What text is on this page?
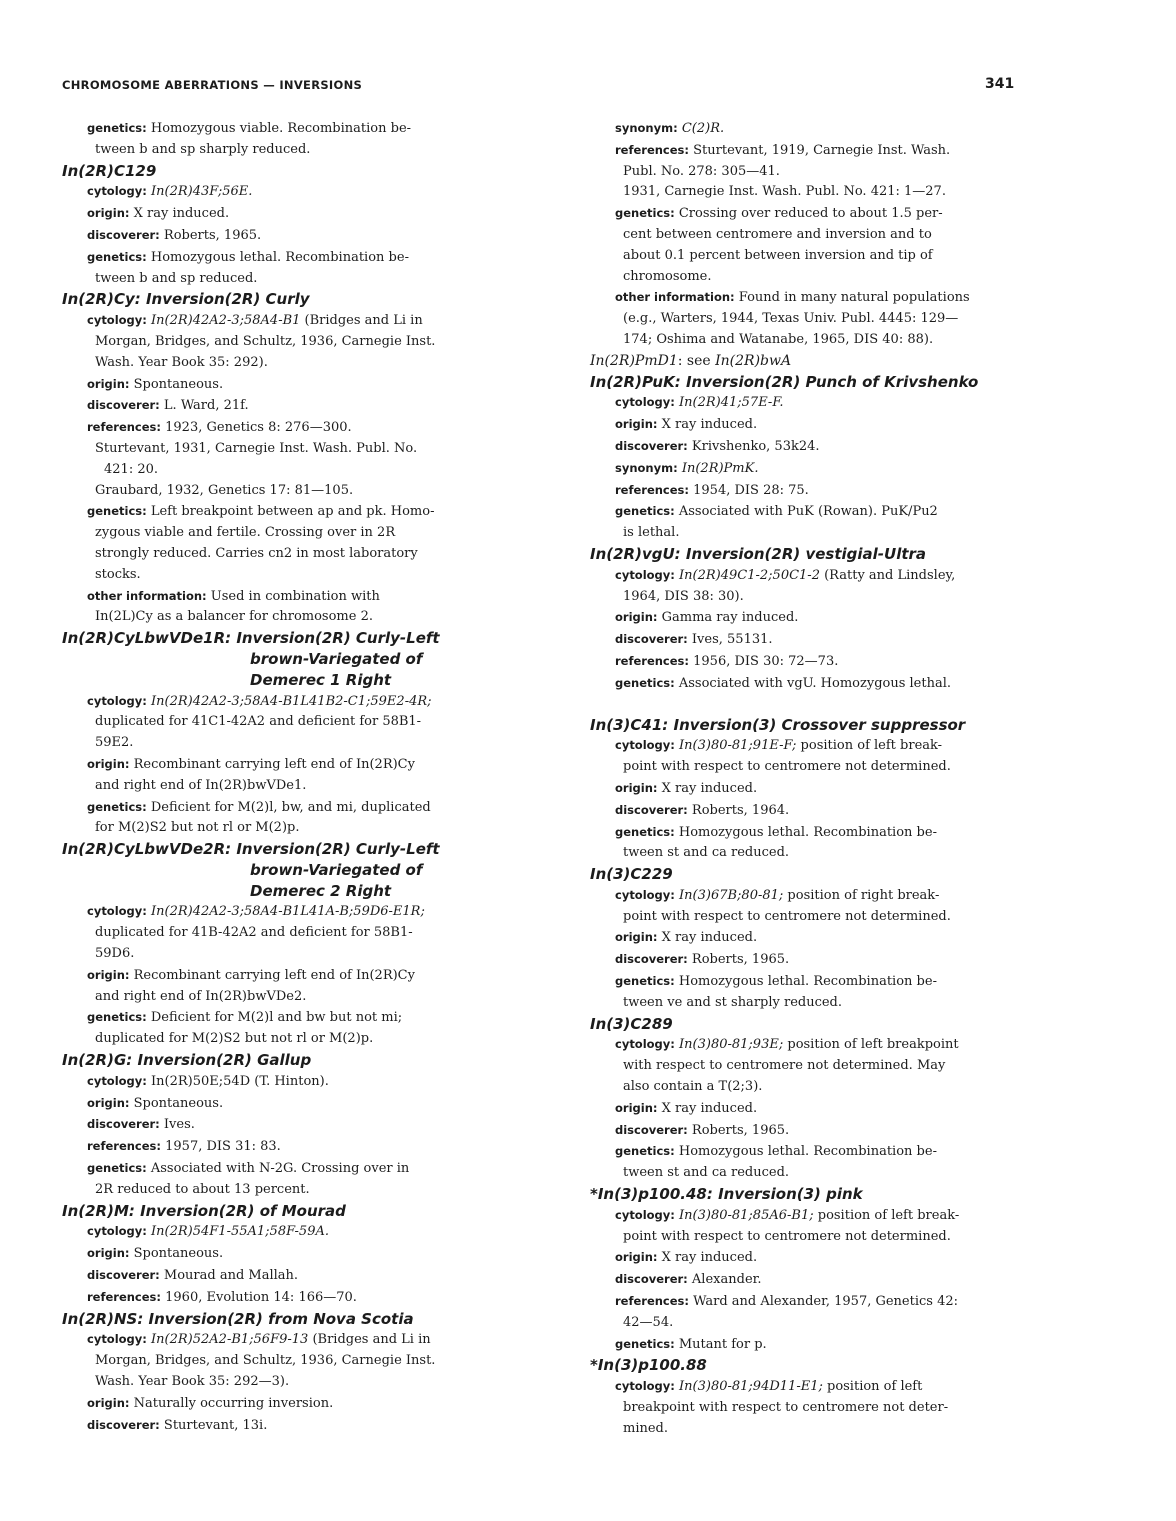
CHROMOSOME ABERRATIONS — INVERSIONS	341
genetics: Homozygous viable. Recombination be-
tween b and sp sharply reduced.
In(2R)C129
cytology: In(2R)43F;56E.
origin: X ray induced.
discoverer: Roberts, 1965.
genetics: Homozygous lethal. Recombination be-
tween b and sp reduced.
In(2R)Cy: Inversion(2R) Curly
cytology: In(2R)42A2-3;58A4-B1 (Bridges and Li in
Morgan, Bridges, and Schultz, 1936, Carnegie Inst.
Wash. Year Book 35: 292).
origin: Spontaneous.
discoverer: L. Ward, 21f.
references: 1923, Genetics 8: 276—300.
Sturtevant, 1931, Carnegie Inst. Wash. Publ. No.
421: 20.
Graubard, 1932, Genetics 17: 81—105.
genetics: Left breakpoint between ap and pk. Homo-
zygous viable and fertile. Crossing over in 2R
strongly reduced. Carries cn2 in most laboratory
stocks.
other information: Used in combination with
In(2L)Cy as a balancer for chromosome 2.
In(2R)CyLbwVDe1R: Inversion(2R) Curly-Left
brown-Variegated of
Demerec 1 Right
cytology: In(2R)42A2-3;58A4-B1L41B2-C1;59E2-4R;
duplicated for 41C1-42A2 and deficient for 58B1-
59E2.
origin: Recombinant carrying left end of In(2R)Cy
and right end of In(2R)bwVDe1.
genetics: Deficient for M(2)l, bw, and mi, duplicated
for M(2)S2 but not rl or M(2)p.
In(2R)CyLbwVDe2R: Inversion(2R) Curly-Left
brown-Variegated of
Demerec 2 Right
cytology: In(2R)42A2-3;58A4-B1L41A-B;59D6-E1R;
duplicated for 41B-42A2 and deficient for 58B1-
59D6.
origin: Recombinant carrying left end of In(2R)Cy
and right end of In(2R)bwVDe2.
genetics: Deficient for M(2)l and bw but not mi;
duplicated for M(2)S2 but not rl or M(2)p.
In(2R)G: Inversion(2R) Gallup
cytology: In(2R)50E;54D (T. Hinton).
origin: Spontaneous.
discoverer: Ives.
references: 1957, DIS 31: 83.
genetics: Associated with N-2G. Crossing over in
2R reduced to about 13 percent.
In(2R)M: Inversion(2R) of Mourad
cytology: In(2R)54F1-55A1;58F-59A.
origin: Spontaneous.
discoverer: Mourad and Mallah.
references: 1960, Evolution 14: 166—70.
In(2R)NS: Inversion(2R) from Nova Scotia
cytology: In(2R)52A2-B1;56F9-13 (Bridges and Li in
Morgan, Bridges, and Schultz, 1936, Carnegie Inst.
Wash. Year Book 35: 292—3).
origin: Naturally occurring inversion.
discoverer: Sturtevant, 13i.
synonym: C(2)R.
references: Sturtevant, 1919, Carnegie Inst. Wash.
Publ. No. 278: 305—41.
1931, Carnegie Inst. Wash. Publ. No. 421: 1—27.
genetics: Crossing over reduced to about 1.5 per-
cent between centromere and inversion and to
about 0.1 percent between inversion and tip of
chromosome.
other information: Found in many natural populations
(e.g., Warters, 1944, Texas Univ. Publ. 4445: 129—
174; Oshima and Watanabe, 1965, DIS 40: 88).
In(2R)PmD1: see In(2R)bwA
In(2R)PuK: Inversion(2R) Punch of Krivshenko
cytology: In(2R)41;57E-F.
origin: X ray induced.
discoverer: Krivshenko, 53k24.
synonym: In(2R)PmK.
references: 1954, DIS 28: 75.
genetics: Associated with PuK (Rowan). PuK/Pu2
is lethal.
In(2R)vgU: Inversion(2R) vestigial-Ultra
cytology: In(2R)49C1-2;50C1-2 (Ratty and Lindsley,
1964, DIS 38: 30).
origin: Gamma ray induced.
discoverer: Ives, 55131.
references: 1956, DIS 30: 72—73.
genetics: Associated with vgU. Homozygous lethal.
In(3)C41: Inversion(3) Crossover suppressor
cytology: In(3)80-81;91E-F; position of left break-
point with respect to centromere not determined.
origin: X ray induced.
discoverer: Roberts, 1964.
genetics: Homozygous lethal. Recombination be-
tween st and ca reduced.
In(3)C229
cytology: In(3)67B;80-81; position of right break-
point with respect to centromere not determined.
origin: X ray induced.
discoverer: Roberts, 1965.
genetics: Homozygous lethal. Recombination be-
tween ve and st sharply reduced.
In(3)C289
cytology: In(3)80-81;93E; position of left breakpoint
with respect to centromere not determined. May
also contain a T(2;3).
origin: X ray induced.
discoverer: Roberts, 1965.
genetics: Homozygous lethal. Recombination be-
tween st and ca reduced.
*In(3)p100.48: Inversion(3) pink
cytology: In(3)80-81;85A6-B1; position of left break-
point with respect to centromere not determined.
origin: X ray induced.
discoverer: Alexander.
references: Ward and Alexander, 1957, Genetics 42:
42—54.
genetics: Mutant for p.
*In(3)p100.88
cytology: In(3)80-81;94D11-E1; position of left
breakpoint with respect to centromere not deter-
mined.
